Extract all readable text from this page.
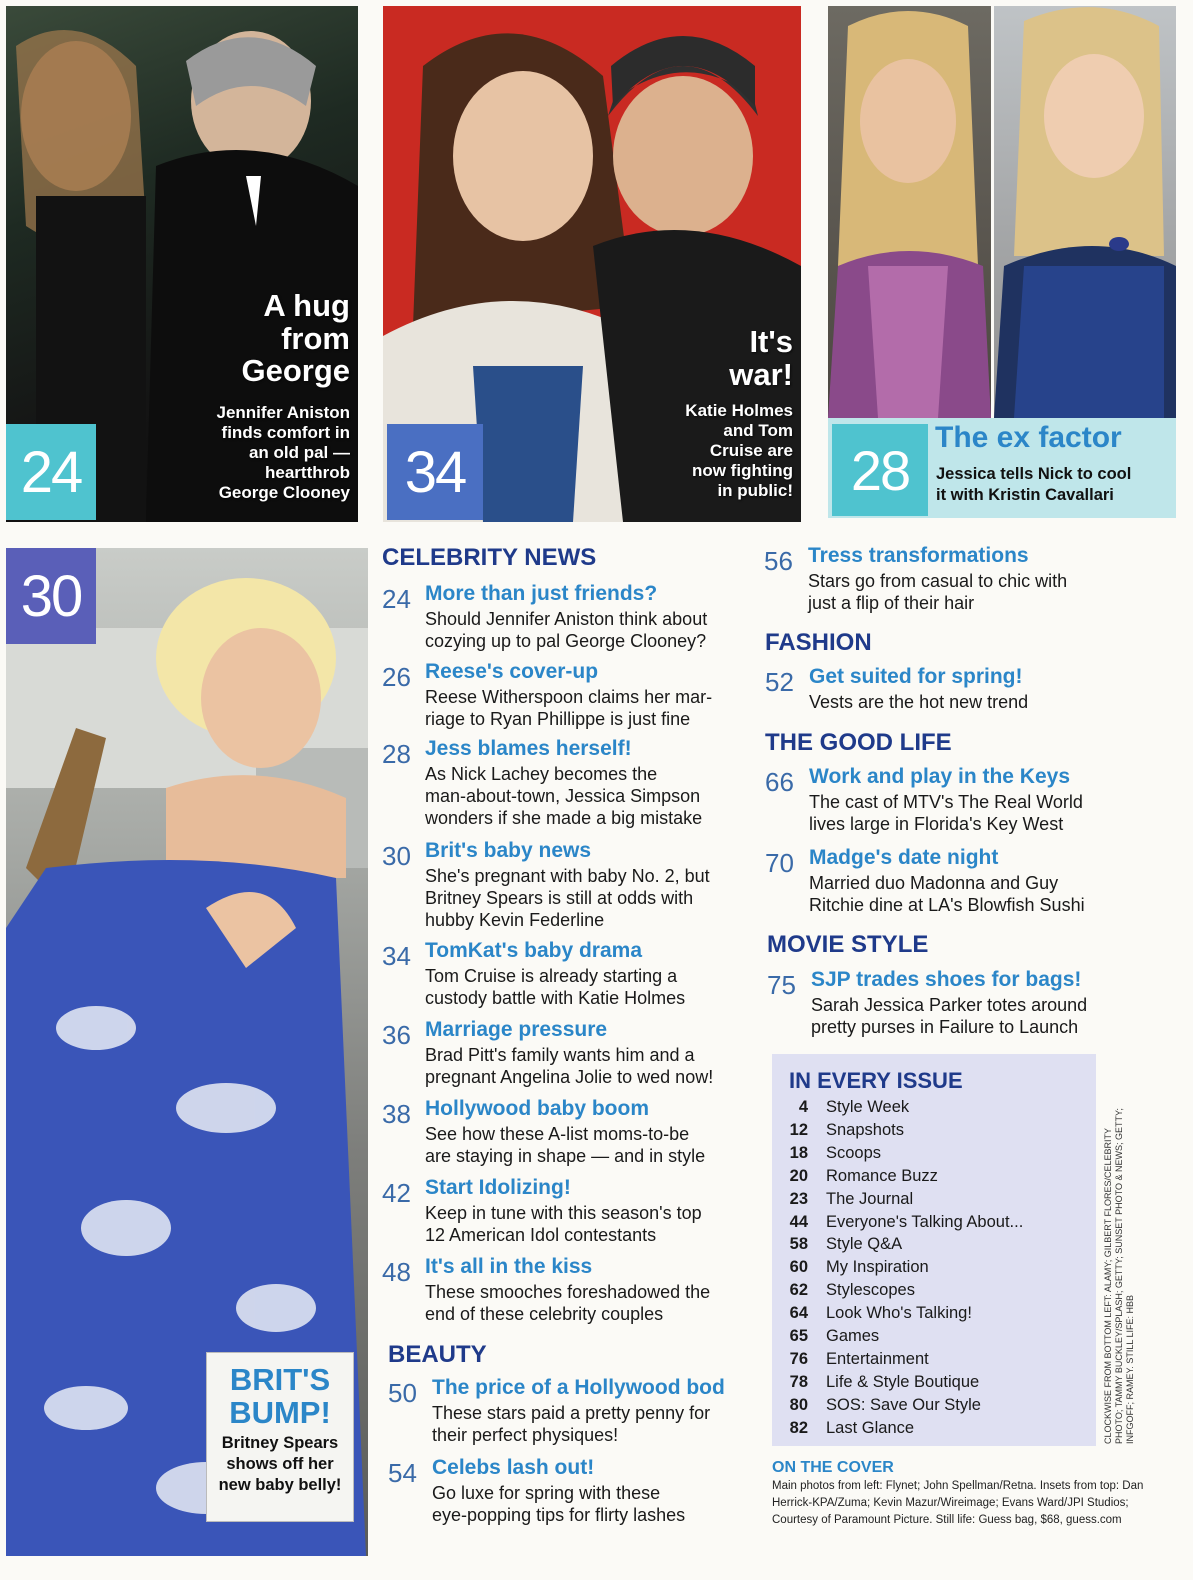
24
A hug
from
George
Jennifer Aniston
finds comfort in
an old pal —
heartthrob
George Clooney 34
It's
war!
Katie Holmes
and Tom
Cruise are
now fighting
in public! 28
The ex factor
Jessica tells Nick to cool
it with Kristin Cavallari
30
BRIT'S
BUMP!
Britney Spears
shows off her
new baby belly!
CELEBRITY NEWS
24 More than just friends?
Should Jennifer Aniston think about
cozying up to pal George Clooney?
26 Reese's cover-up
Reese Witherspoon claims her mar-
riage to Ryan Phillippe is just fine
28 Jess blames herself!
As Nick Lachey becomes the
man-about-town, Jessica Simpson
wonders if she made a big mistake
30 Brit's baby news
She's pregnant with baby No. 2, but
Britney Spears is still at odds with
hubby Kevin Federline
34 TomKat's baby drama
Tom Cruise is already starting a
custody battle with Katie Holmes
36 Marriage pressure
Brad Pitt's family wants him and a
pregnant Angelina Jolie to wed now!
38 Hollywood baby boom
See how these A-list moms-to-be
are staying in shape — and in style
42 Start Idolizing!
Keep in tune with this season's top
12 American Idol contestants
48 It's all in the kiss
These smooches foreshadowed the
end of these celebrity couples
BEAUTY
50 The price of a Hollywood bod
These stars paid a pretty penny for
their perfect physiques!
54 Celebs lash out!
Go luxe for spring with these
eye-popping tips for flirty lashes
56 Tress transformations
Stars go from casual to chic with
just a flip of their hair
FASHION
52 Get suited for spring!
Vests are the hot new trend
THE GOOD LIFE
66 Work and play in the Keys
The cast of MTV's The Real World
lives large in Florida's Key West
70 Madge's date night
Married duo Madonna and Guy
Ritchie dine at LA's Blowfish Sushi
MOVIE STYLE
75 SJP trades shoes for bags!
Sarah Jessica Parker totes around
pretty purses in Failure to Launch
IN EVERY ISSUE
4 Style Week
12 Snapshots
18 Scoops
20 Romance Buzz
23 The Journal
44 Everyone's Talking About...
58 Style Q&A
60 My Inspiration
62 Stylescopes
64 Look Who's Talking!
65 Games
76 Entertainment
78 Life & Style Boutique
80 SOS: Save Our Style
82 Last Glance	CLOCKWISE FROM BOTTOM LEFT: ALAMY; GILBERT FLORES/CELEBRITY PHOTO; TAMMY BUCKLEY/SPLASH; GETTY; SUNSET PHOTO & NEWS; GETTY; INFGOFF; RAMEY. STILL LIFE: HBB
ON THE COVER
Main photos from left: Flynet; John Spellman/Retna. Insets from top: Dan
Herrick-KPA/Zuma; Kevin Mazur/Wireimage; Evans Ward/JPI Studios;
Courtesy of Paramount Picture. Still life: Guess bag, $68, guess.com
